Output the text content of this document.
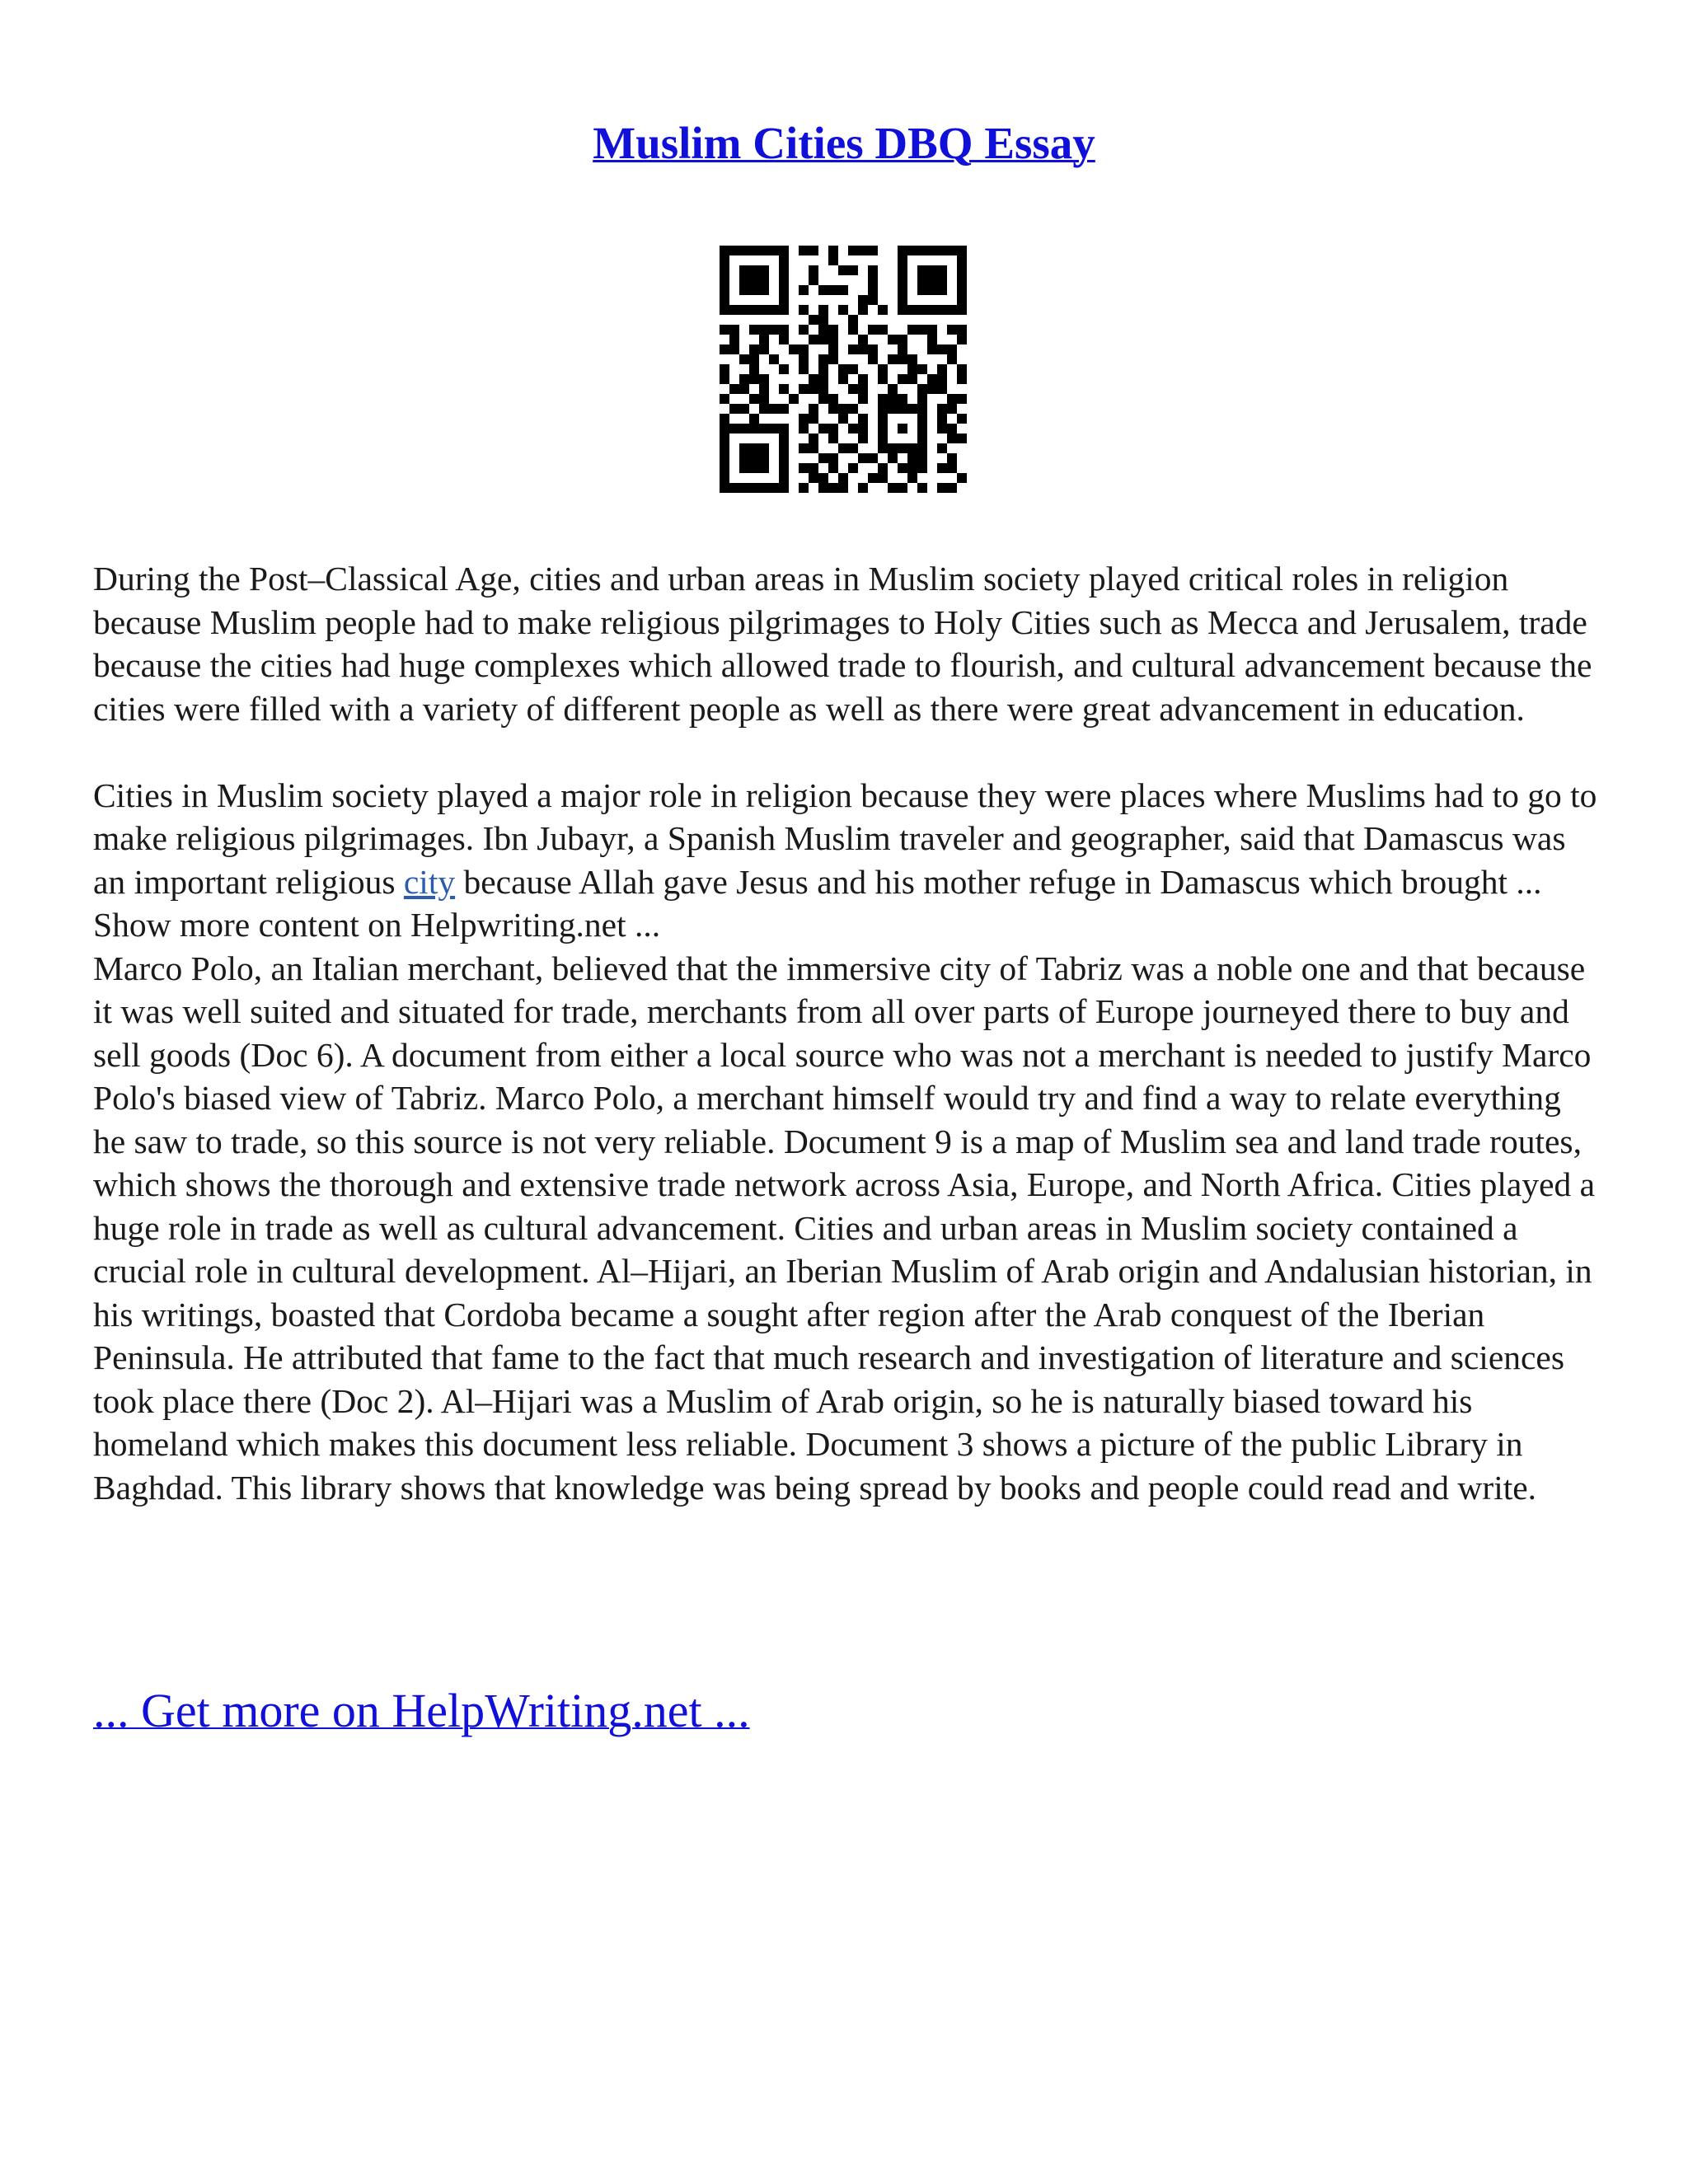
Muslim Cities DBQ Essay

During the Post–Classical Age, cities and urban areas in Muslim society played critical roles in religion because Muslim people had to make religious pilgrimages to Holy Cities such as Mecca and Jerusalem, trade because the cities had huge complexes which allowed trade to flourish, and cultural advancement because the cities were filled with a variety of different people as well as there were great advancement in education.

Cities in Muslim society played a major role in religion because they were places where Muslims had to go to make religious pilgrimages. Ibn Jubayr, a Spanish Muslim traveler and geographer, said that Damascus was an important religious city because Allah gave Jesus and his mother refuge in Damascus which brought ... Show more content on Helpwriting.net ...

Marco Polo, an Italian merchant, believed that the immersive city of Tabriz was a noble one and that because it was well suited and situated for trade, merchants from all over parts of Europe journeyed there to buy and sell goods (Doc 6). A document from either a local source who was not a merchant is needed to justify Marco Polo's biased view of Tabriz. Marco Polo, a merchant himself would try and find a way to relate everything he saw to trade, so this source is not very reliable. Document 9 is a map of Muslim sea and land trade routes, which shows the thorough and extensive trade network across Asia, Europe, and North Africa. Cities played a huge role in trade as well as cultural advancement. Cities and urban areas in Muslim society contained a crucial role in cultural development. Al–Hijari, an Iberian Muslim of Arab origin and Andalusian historian, in his writings, boasted that Cordoba became a sought after region after the Arab conquest of the Iberian Peninsula. He attributed that fame to the fact that much research and investigation of literature and sciences took place there (Doc 2). Al–Hijari was a Muslim of Arab origin, so he is naturally biased toward his homeland which makes this document less reliable. Document 3 shows a picture of the public Library in Baghdad. This library shows that knowledge was being spread by books and people could read and write.

... Get more on HelpWriting.net ...
